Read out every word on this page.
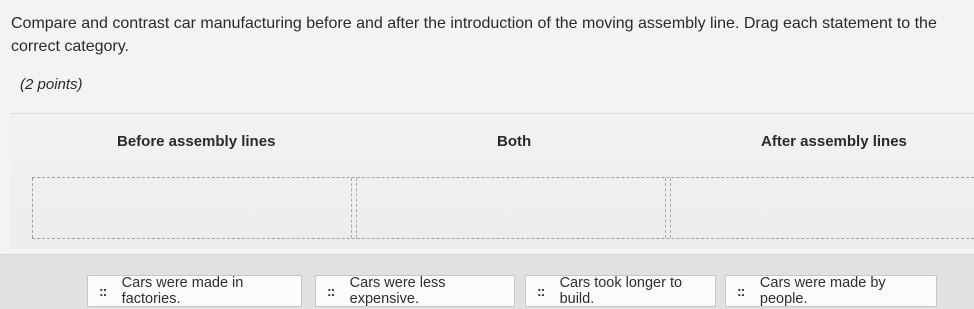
Compare and contrast car manufacturing before and after the introduction of the moving assembly line. Drag each statement to the correct category.
(2 points)
Before assembly lines	Both	After assembly lines
:: Cars were made in factories.	:: Cars were less expensive.	:: Cars took longer to build.	::	Cars were made by people.
